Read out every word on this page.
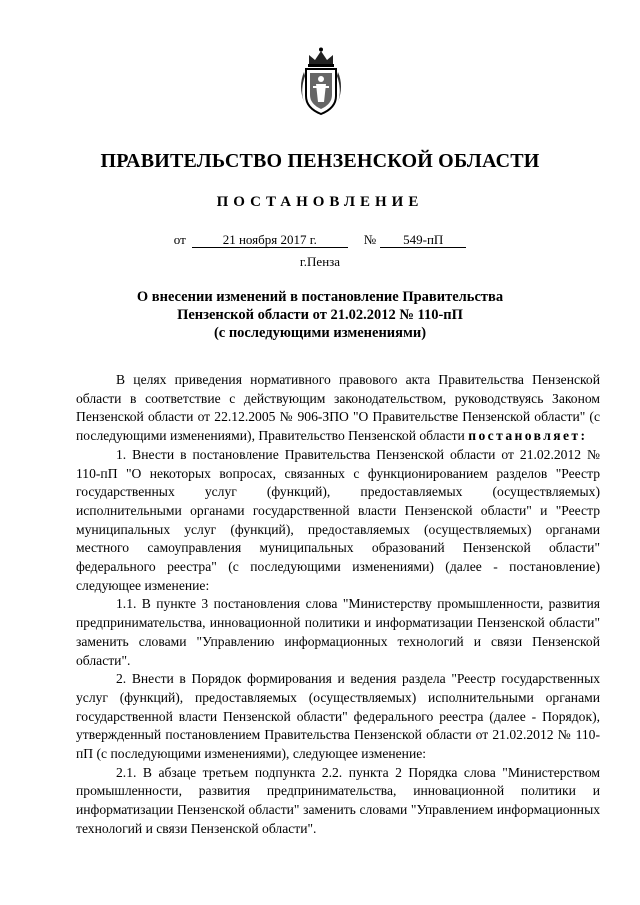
ПРАВИТЕЛЬСТВО ПЕНЗЕНСКОЙ ОБЛАСТИ
ПОСТАНОВЛЕНИЕ
от	21 ноября 2017 г.	№ 549-пП
г.Пенза
О внесении изменений в постановление Правительства
Пензенской области от 21.02.2012 № 110-пП
(с последующими изменениями)

В целях приведения нормативного правового акта Правительства Пензенской области в соответствие с действующим законодательством, руководствуясь Законом Пензенской области от 22.12.2005 № 906-ЗПО "О Правительстве Пензенской области" (с последующими изменениями), Правительство Пензенской области постановляет:

1. Внести в постановление Правительства Пензенской области от 21.02.2012 № 110-пП "О некоторых вопросах, связанных с функционированием разделов "Реестр государственных услуг (функций), предоставляемых (осуществляемых) исполнительными органами государственной власти Пензенской области" и "Реестр муниципальных услуг (функций), предоставляемых (осуществляемых) органами местного самоуправления муниципальных образований Пензенской области" федерального реестра" (с последующими изменениями) (далее - постановление) следующее изменение:

1.1. В пункте 3 постановления слова "Министерству промышленности, развития предпринимательства, инновационной политики и информатизации Пензенской области" заменить словами "Управлению информационных технологий и связи Пензенской области".

2. Внести в Порядок формирования и ведения раздела "Реестр государственных услуг (функций), предоставляемых (осуществляемых) исполнительными органами государственной власти Пензенской области" федерального реестра (далее - Порядок), утвержденный постановлением Правительства Пензенской области от 21.02.2012 № 110-пП (с последующими изменениями), следующее изменение:

2.1. В абзаце третьем подпункта 2.2. пункта 2 Порядка слова "Министерством промышленности, развития предпринимательства, инновационной политики и информатизации Пензенской области" заменить словами "Управлением информационных технологий и связи Пензенской области".
